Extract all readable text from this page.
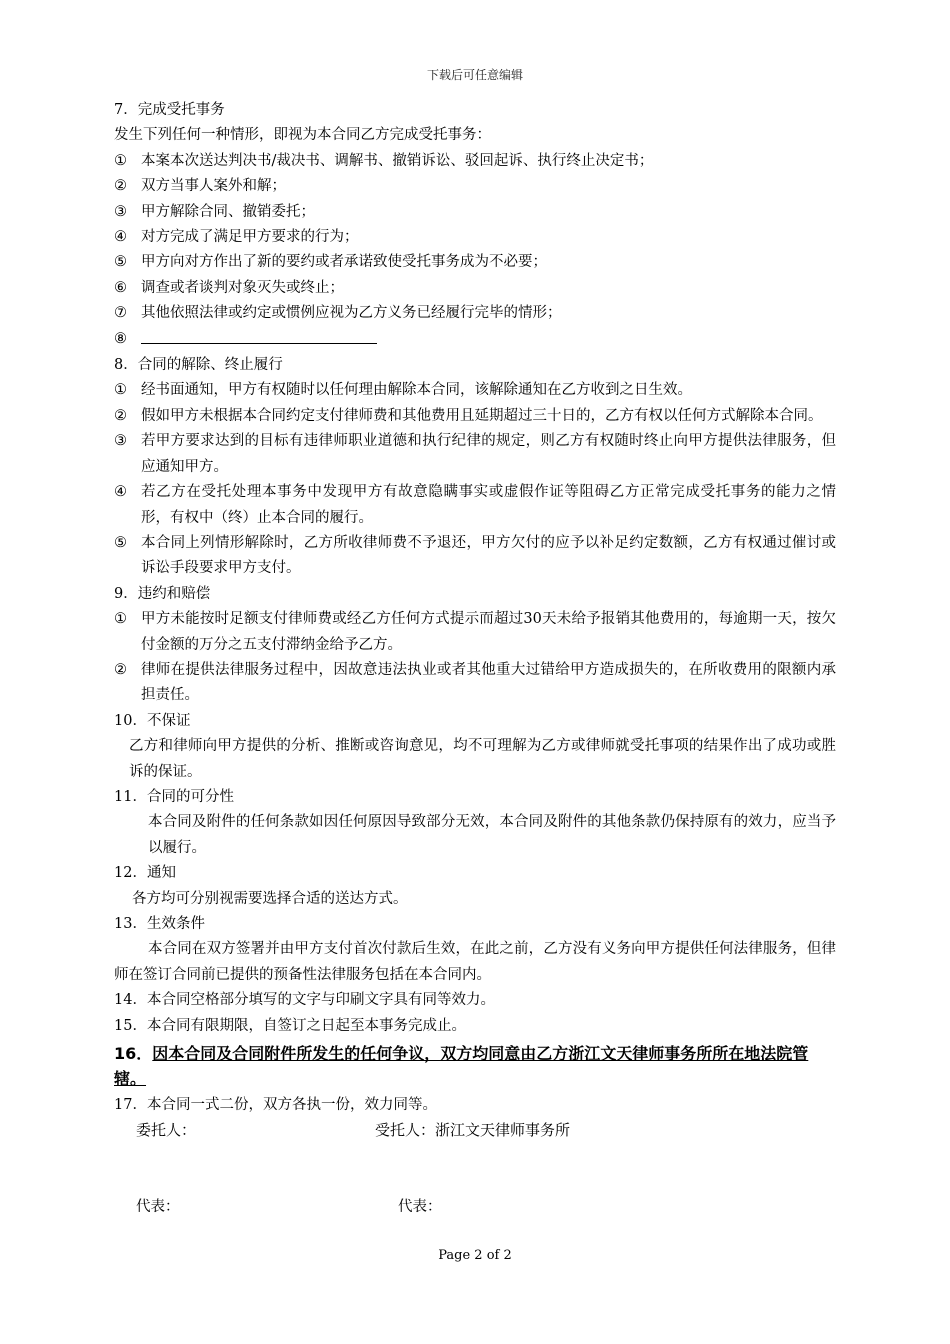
下载后可任意编辑
7．完成受托事务
发生下列任何一种情形，即视为本合同乙方完成受托事务：
① 本案本次送达判决书/裁决书、调解书、撤销诉讼、驳回起诉、执行终止决定书；
② 双方当事人案外和解；
③ 甲方解除合同、撤销委托；
④ 对方完成了满足甲方要求的行为；
⑤ 甲方向对方作出了新的要约或者承诺致使受托事务成为不必要；
⑥ 调查或者谈判对象灭失或终止；
⑦ 其他依照法律或约定或惯例应视为乙方义务已经履行完毕的情形；
⑧
8．合同的解除、终止履行
① 经书面通知，甲方有权随时以任何理由解除本合同，该解除通知在乙方收到之日生效。
② 假如甲方未根据本合同约定支付律师费和其他费用且延期超过三十日的，乙方有权以任何方式解除本合同。
③ 若甲方要求达到的目标有违律师职业道德和执行纪律的规定，则乙方有权随时终止向甲方提供法律服务，但应通知甲方。
④ 若乙方在受托处理本事务中发现甲方有故意隐瞒事实或虚假作证等阻碍乙方正常完成受托事务的能力之情形，有权中（终）止本合同的履行。
⑤ 本合同上列情形解除时，乙方所收律师费不予退还，甲方欠付的应予以补足约定数额，乙方有权通过催讨或诉讼手段要求甲方支付。
9．违约和赔偿
① 甲方未能按时足额支付律师费或经乙方任何方式提示而超过30天未给予报销其他费用的，每逾期一天，按欠付金额的万分之五支付滞纳金给予乙方。
② 律师在提供法律服务过程中，因故意违法执业或者其他重大过错给甲方造成损失的，在所收费用的限额内承担责任。
10．不保证
乙方和律师向甲方提供的分析、推断或咨询意见，均不可理解为乙方或律师就受托事项的结果作出了成功或胜诉的保证。
11．合同的可分性
本合同及附件的任何条款如因任何原因导致部分无效，本合同及附件的其他条款仍保持原有的效力，应当予以履行。
12．通知
各方均可分别视需要选择合适的送达方式。
13．生效条件
本合同在双方签署并由甲方支付首次付款后生效，在此之前，乙方没有义务向甲方提供任何法律服务，但律师在签订合同前已提供的预备性法律服务包括在本合同内。
14．本合同空格部分填写的文字与印刷文字具有同等效力。
15．本合同有限期限，自签订之日起至本事务完成止。
16．因本合同及合同附件所发生的任何争议，双方均同意由乙方浙江文天律师事务所所在地法院管辖。
17．本合同一式二份，双方各执一份，效力同等。
委托人：	受托人：浙江文天律师事务所
代表：	代表：
Page 2 of 2
